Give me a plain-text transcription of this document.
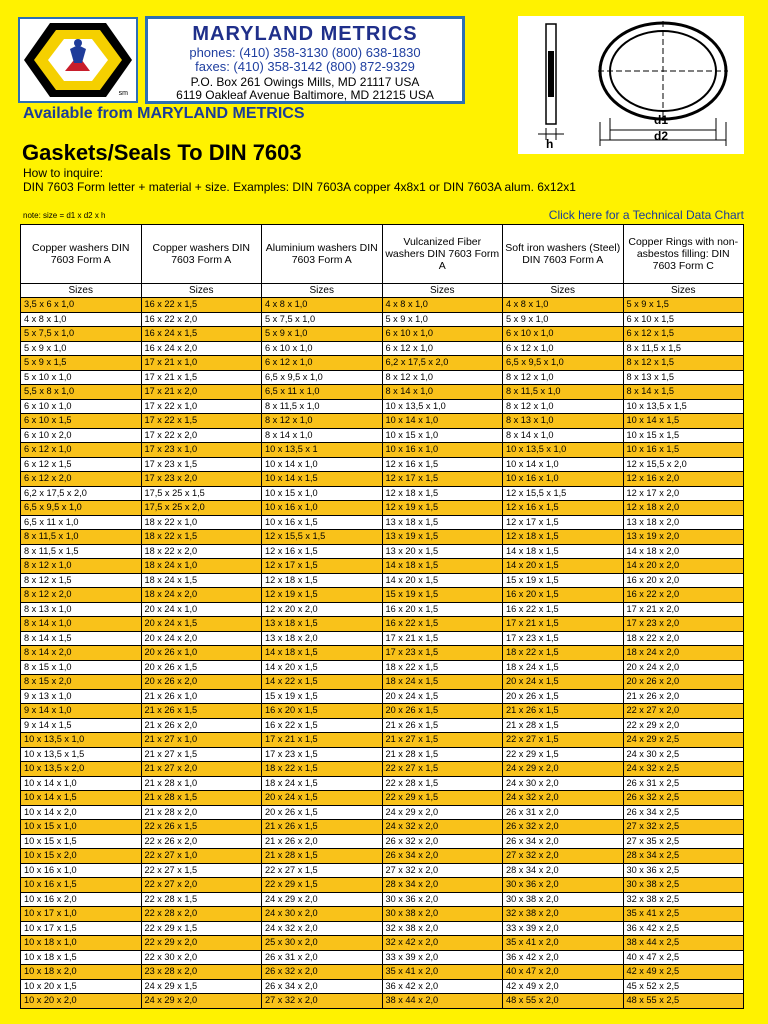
sm
MARYLAND METRICS
phones: (410) 358-3130 (800) 638-1830
faxes: (410) 358-3142 (800) 872-9329
P.O. Box 261 Owings Mills, MD 21117 USA
6119 Oakleaf Avenue Baltimore, MD 21215 USA
d1
d2
h
Available from MARYLAND METRICS
Gaskets/Seals To DIN 7603
How to inquire:
DIN 7603 Form letter + material + size. Examples: DIN 7603A copper 4x8x1 or DIN 7603A alum. 6x12x1
note: size = d1 x d2 x h	Click here for a Technical Data Chart
Copper washers DIN 7603 Form A	Copper washers DIN 7603 Form A	Aluminium washers DIN 7603 Form A	Vulcanized Fiber washers DIN 7603 Form A	Soft iron washers (Steel) DIN 7603 Form A	Copper Rings with non-asbestos filling: DIN 7603 Form C
Sizes	Sizes	Sizes	Sizes	Sizes	Sizes
3,5 x 6 x 1,0	16 x 22 x 1,5	4 x 8 x 1,0	4 x 8 x 1,0	4 x 8 x 1,0	5 x 9 x 1,5
4 x 8 x 1,0	16 x 22 x 2,0	5 x 7,5 x 1,0	5 x 9 x 1,0	5 x 9 x 1,0	6 x 10 x 1,5
5 x 7,5 x 1,0	16 x 24 x 1,5	5 x 9 x 1,0	6 x 10 x 1,0	6 x 10 x 1,0	6 x 12 x 1,5
5 x 9 x 1,0	16 x 24 x 2,0	6 x 10 x 1,0	6 x 12 x 1,0	6 x 12 x 1,0	8 x 11,5 x 1,5
5 x 9 x 1,5	17 x 21 x 1,0	6 x 12 x 1,0	6,2 x 17,5 x 2,0	6,5 x 9,5 x 1,0	8 x 12 x 1,5
5 x 10 x 1,0	17 x 21 x 1,5	6,5 x 9,5 x 1,0	8 x 12 x 1,0	8 x 12 x 1,0	8 x 13 x 1,5
5,5 x 8 x 1,0	17 x 21 x 2,0	6,5 x 11 x 1,0	8 x 14 x 1,0	8 x 11,5 x 1,0	8 x 14 x 1,5
6 x 10 x 1,0	17 x 22 x 1,0	8 x 11,5 x 1,0	10 x 13,5 x 1,0	8 x 12 x 1,0	10 x 13,5 x 1,5
6 x 10 x 1,5	17 x 22 x 1,5	8 x 12 x 1,0	10 x 14 x 1,0	8 x 13 x 1,0	10 x 14 x 1,5
6 x 10 x 2,0	17 x 22 x 2,0	8 x 14 x 1,0	10 x 15 x 1,0	8 x 14 x 1,0	10 x 15 x 1,5
6 x 12 x 1,0	17 x 23 x 1,0	10 x 13,5 x 1	10 x 16 x 1,0	10 x 13,5 x 1,0	10 x 16 x 1,5
6 x 12 x 1,5	17 x 23 x 1,5	10 x 14 x 1,0	12 x 16 x 1,5	10 x 14 x 1,0	12 x 15,5 x 2,0
6 x 12 x 2,0	17 x 23 x 2,0	10 x 14 x 1,5	12 x 17 x 1,5	10 x 16 x 1,0	12 x 16 x 2,0
6,2 x 17,5 x 2,0	17,5 x 25 x 1,5	10 x 15 x 1,0	12 x 18 x 1,5	12 x 15,5 x 1,5	12 x 17 x 2,0
6,5 x 9,5 x 1,0	17,5 x 25 x 2,0	10 x 16 x 1,0	12 x 19 x 1,5	12 x 16 x 1,5	12 x 18 x 2,0
6,5 x 11 x 1,0	18 x 22 x 1,0	10 x 16 x 1,5	13 x 18 x 1,5	12 x 17 x 1,5	13 x 18 x 2,0
8 x 11,5 x 1,0	18 x 22 x 1,5	12 x 15,5 x 1,5	13 x 19 x 1,5	12 x 18 x 1,5	13 x 19 x 2,0
8 x 11,5 x 1,5	18 x 22 x 2,0	12 x 16 x 1,5	13 x 20 x 1,5	14 x 18 x 1,5	14 x 18 x 2,0
8 x 12 x 1,0	18 x 24 x 1,0	12 x 17 x 1,5	14 x 18 x 1,5	14 x 20 x 1,5	14 x 20 x 2,0
8 x 12 x 1,5	18 x 24 x 1,5	12 x 18 x 1,5	14 x 20 x 1,5	15 x 19 x 1,5	16 x 20 x 2,0
8 x 12 x 2,0	18 x 24 x 2,0	12 x 19 x 1,5	15 x 19 x 1,5	16 x 20 x 1,5	16 x 22 x 2,0
8 x 13 x 1,0	20 x 24 x 1,0	12 x 20 x 2,0	16 x 20 x 1,5	16 x 22 x 1,5	17 x 21 x 2,0
8 x 14 x 1,0	20 x 24 x 1,5	13 x 18 x 1,5	16 x 22 x 1,5	17 x 21 x 1,5	17 x 23 x 2,0
8 x 14 x 1,5	20 x 24 x 2,0	13 x 18 x 2,0	17 x 21 x 1,5	17 x 23 x 1,5	18 x 22 x 2,0
8 x 14 x 2,0	20 x 26 x 1,0	14 x 18 x 1,5	17 x 23 x 1,5	18 x 22 x 1,5	18 x 24 x 2,0
8 x 15 x 1,0	20 x 26 x 1,5	14 x 20 x 1,5	18 x 22 x 1,5	18 x 24 x 1,5	20 x 24 x 2,0
8 x 15 x 2,0	20 x 26 x 2,0	14 x 22 x 1,5	18 x 24 x 1,5	20 x 24 x 1,5	20 x 26 x 2,0
9 x 13 x 1,0	21 x 26 x 1,0	15 x 19 x 1,5	20 x 24 x 1,5	20 x 26 x 1,5	21 x 26 x 2,0
9 x 14 x 1,0	21 x 26 x 1,5	16 x 20 x 1,5	20 x 26 x 1,5	21 x 26 x 1,5	22 x 27 x 2,0
9 x 14 x 1,5	21 x 26 x 2,0	16 x 22 x 1,5	21 x 26 x 1,5	21 x 28 x 1,5	22 x 29 x 2,0
10 x 13,5 x 1,0	21 x 27 x 1,0	17 x 21 x 1,5	21 x 27 x 1,5	22 x 27 x 1,5	24 x 29 x 2,5
10 x 13,5 x 1,5	21 x 27 x 1,5	17 x 23 x 1,5	21 x 28 x 1,5	22 x 29 x 1,5	24 x 30 x 2,5
10 x 13,5 x 2,0	21 x 27 x 2,0	18 x 22 x 1,5	22 x 27 x 1,5	24 x 29 x 2,0	24 x 32 x 2,5
10 x 14 x 1,0	21 x 28 x 1,0	18 x 24 x 1,5	22 x 28 x 1,5	24 x 30 x 2,0	26 x 31 x 2,5
10 x 14 x 1,5	21 x 28 x 1,5	20 x 24 x 1,5	22 x 29 x 1,5	24 x 32 x 2,0	26 x 32 x 2,5
10 x 14 x 2,0	21 x 28 x 2,0	20 x 26 x 1,5	24 x 29 x 2,0	26 x 31 x 2,0	26 x 34 x 2,5
10 x 15 x 1,0	22 x 26 x 1,5	21 x 26 x 1,5	24 x 32 x 2,0	26 x 32 x 2,0	27 x 32 x 2,5
10 x 15 x 1,5	22 x 26 x 2,0	21 x 26 x 2,0	26 x 32 x 2,0	26 x 34 x 2,0	27 x 35 x 2,5
10 x 15 x 2,0	22 x 27 x 1,0	21 x 28 x 1,5	26 x 34 x 2,0	27 x 32 x 2,0	28 x 34 x 2,5
10 x 16 x 1,0	22 x 27 x 1,5	22 x 27 x 1,5	27 x 32 x 2,0	28 x 34 x 2,0	30 x 36 x 2,5
10 x 16 x 1,5	22 x 27 x 2,0	22 x 29 x 1,5	28 x 34 x 2,0	30 x 36 x 2,0	30 x 38 x 2,5
10 x 16 x 2,0	22 x 28 x 1,5	24 x 29 x 2,0	30 x 36 x 2,0	30 x 38 x 2,0	32 x 38 x 2,5
10 x 17 x 1,0	22 x 28 x 2,0	24 x 30 x 2,0	30 x 38 x 2,0	32 x 38 x 2,0	35 x 41 x 2,5
10 x 17 x 1,5	22 x 29 x 1,5	24 x 32 x 2,0	32 x 38 x 2,0	33 x 39 x 2,0	36 x 42 x 2,5
10 x 18 x 1,0	22 x 29 x 2,0	25 x 30 x 2,0	32 x 42 x 2,0	35 x 41 x 2,0	38 x 44 x 2,5
10 x 18 x 1,5	22 x 30 x 2,0	26 x 31 x 2,0	33 x 39 x 2,0	36 x 42 x 2,0	40 x 47 x 2,5
10 x 18 x 2,0	23 x 28 x 2,0	26 x 32 x 2,0	35 x 41 x 2,0	40 x 47 x 2,0	42 x 49 x 2,5
10 x 20 x 1,5	24 x 29 x 1,5	26 x 34 x 2,0	36 x 42 x 2,0	42 x 49 x 2,0	45 x 52 x 2,5
10 x 20 x 2,0	24 x 29 x 2,0	27 x 32 x 2,0	38 x 44 x 2,0	48 x 55 x 2,0	48 x 55 x 2,5
